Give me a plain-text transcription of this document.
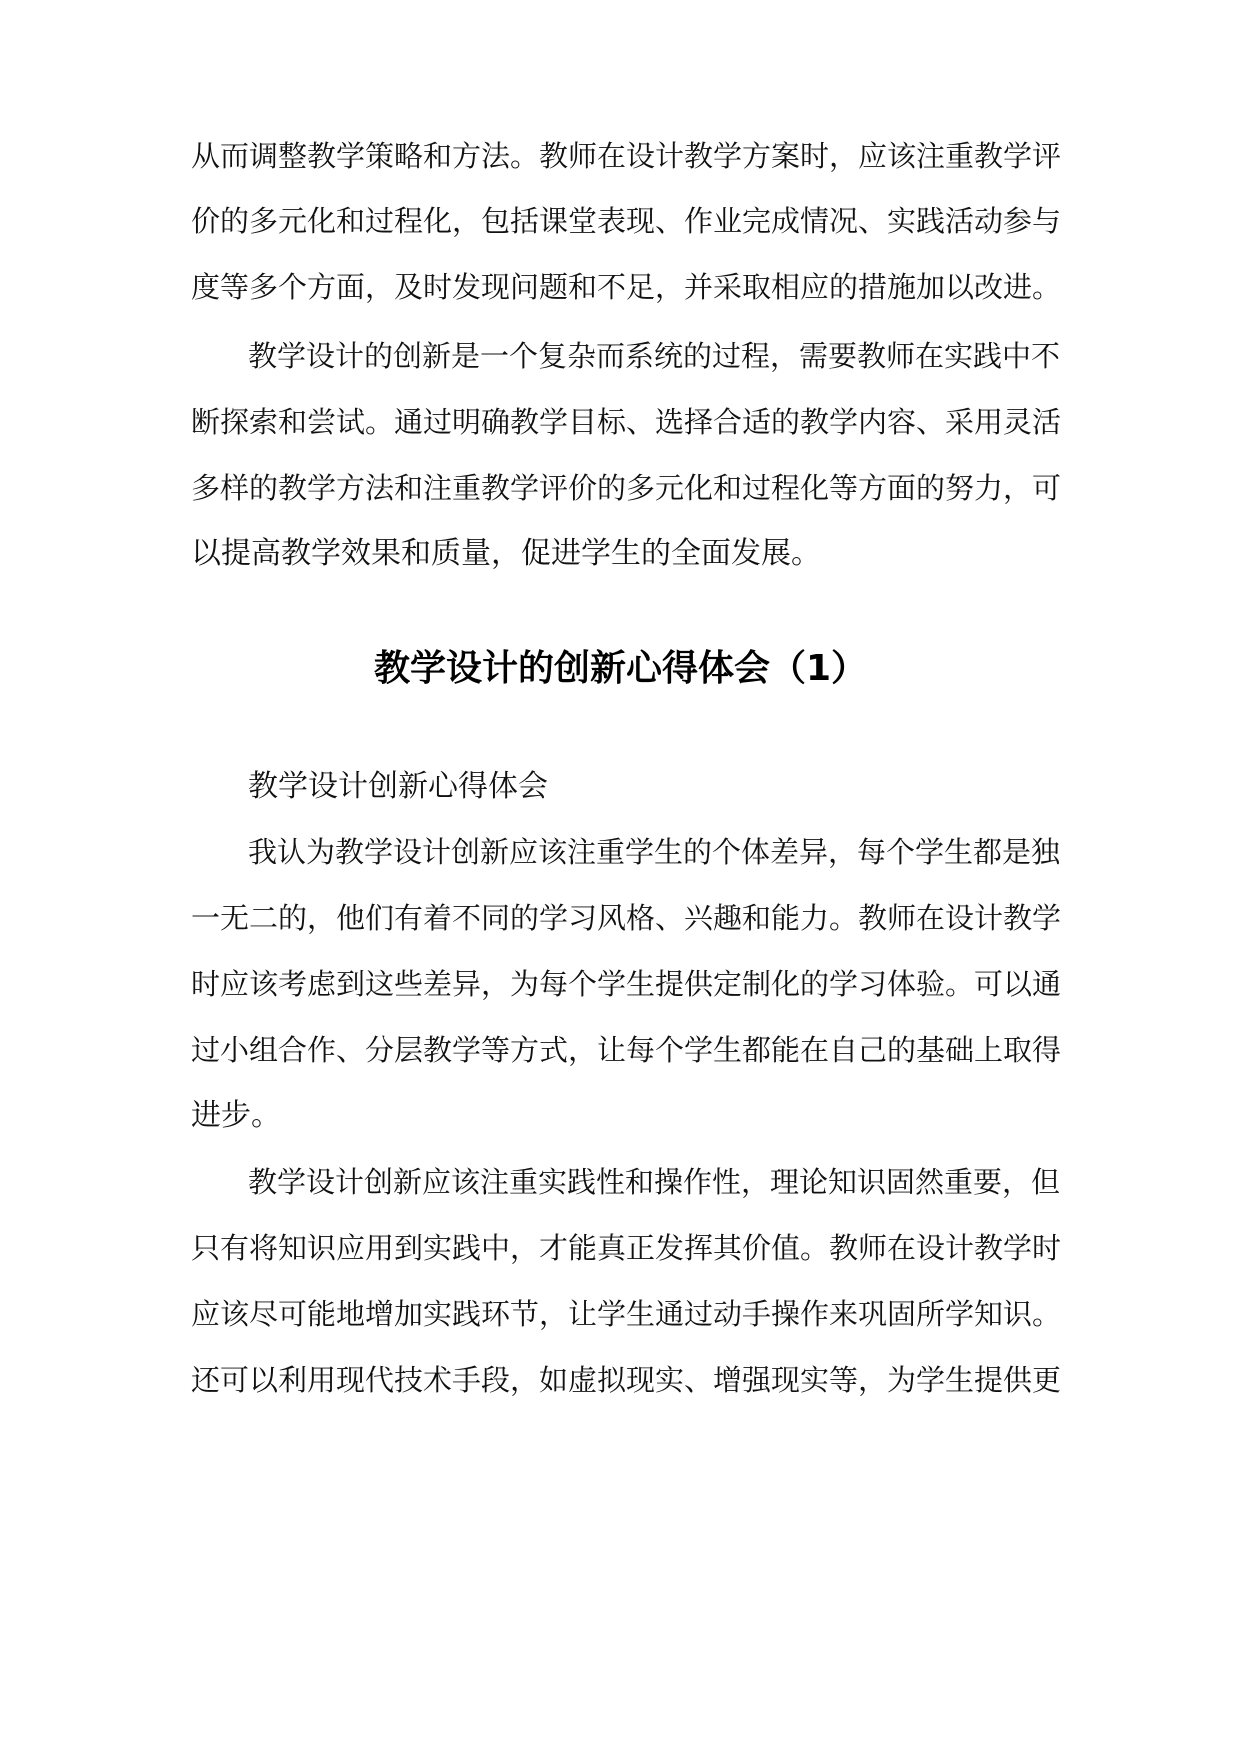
从而调整教学策略和方法。教师在设计教学方案时，应该注重教学评
价的多元化和过程化，包括课堂表现、作业完成情况、实践活动参与
度等多个方面，及时发现问题和不足，并采取相应的措施加以改进。
教学设计的创新是一个复杂而系统的过程，需要教师在实践中不
断探索和尝试。通过明确教学目标、选择合适的教学内容、采用灵活
多样的教学方法和注重教学评价的多元化和过程化等方面的努力，可
以提高教学效果和质量，促进学生的全面发展。
教学设计的创新心得体会（1）
教学设计创新心得体会
我认为教学设计创新应该注重学生的个体差异，每个学生都是独
一无二的，他们有着不同的学习风格、兴趣和能力。教师在设计教学
时应该考虑到这些差异，为每个学生提供定制化的学习体验。可以通
过小组合作、分层教学等方式，让每个学生都能在自己的基础上取得
进步。
教学设计创新应该注重实践性和操作性，理论知识固然重要，但
只有将知识应用到实践中，才能真正发挥其价值。教师在设计教学时
应该尽可能地增加实践环节，让学生通过动手操作来巩固所学知识。
还可以利用现代技术手段，如虚拟现实、增强现实等，为学生提供更
